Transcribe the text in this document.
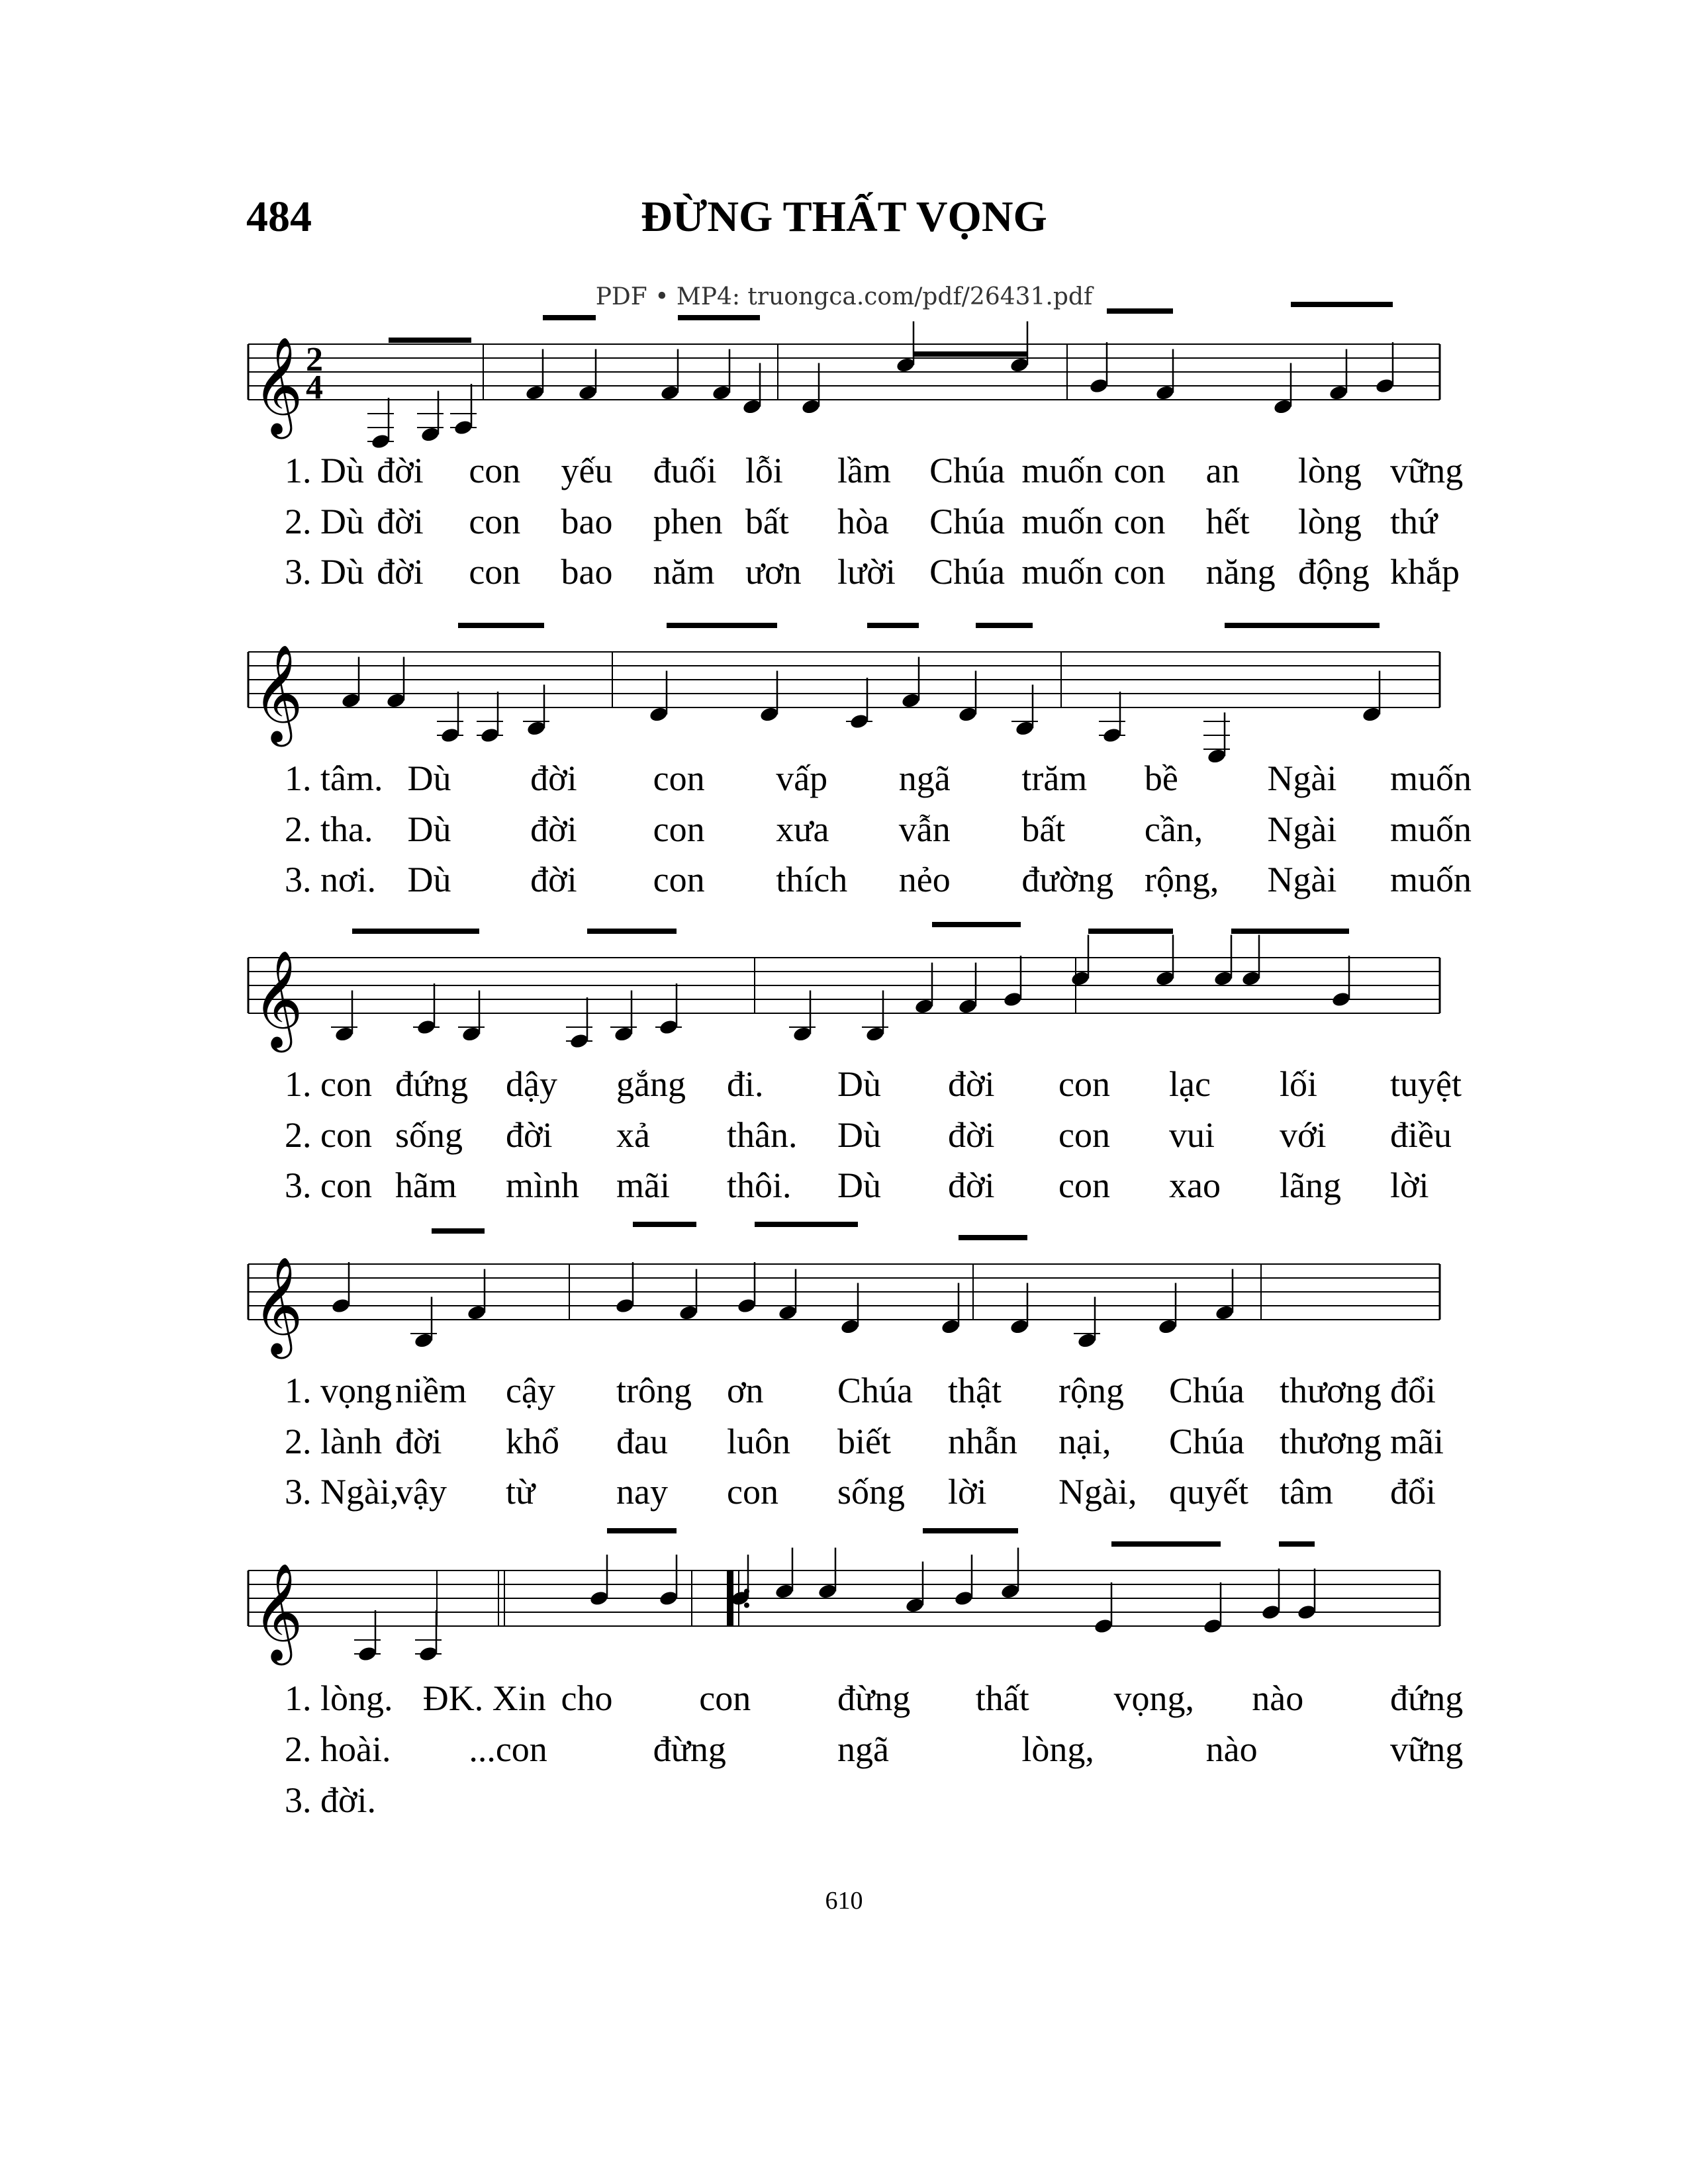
484	ĐỪNG THẤT VỌNG
PDF • MP4: truongca.com/pdf/26431.pdf
𝄞 2
4
1. Dù đời con yếu đuối lỗi lầm Chúa muốn con an lòng vững
2. Dù đời con bao phen bất hòa Chúa muốn con hết lòng thứ
3. Dù đời con bao năm ươn lười Chúa muốn con năng động khắp
𝄞
1. tâm. Dù đời con vấp ngã trăm bề Ngài muốn
2. tha. Dù đời con xưa vẫn bất cần, Ngài muốn
3. nơi. Dù đời con thích nẻo đường rộng, Ngài muốn
𝄞
1. con đứng dậy gắng đi. Dù đời con lạc lối tuyệt
2. con sống đời xả thân. Dù đời con vui với điều
3. con hãm mình mãi thôi. Dù đời con xao lãng lời
𝄞
1. vọng niềm cậy trông ơn Chúa thật rộng Chúa thương đổi
2. lành đời khổ đau luôn biết nhẫn nại, Chúa thương mãi
3. Ngài,
vậy từ nay con sống lời Ngài, quyết tâm đổi
𝄞
1. lòng. ĐK. Xin cho con đừng thất vọng, nào đứng
2. hoài. ...con	đừng	ngã	lòng,	nào	vững
3. đời.
610
